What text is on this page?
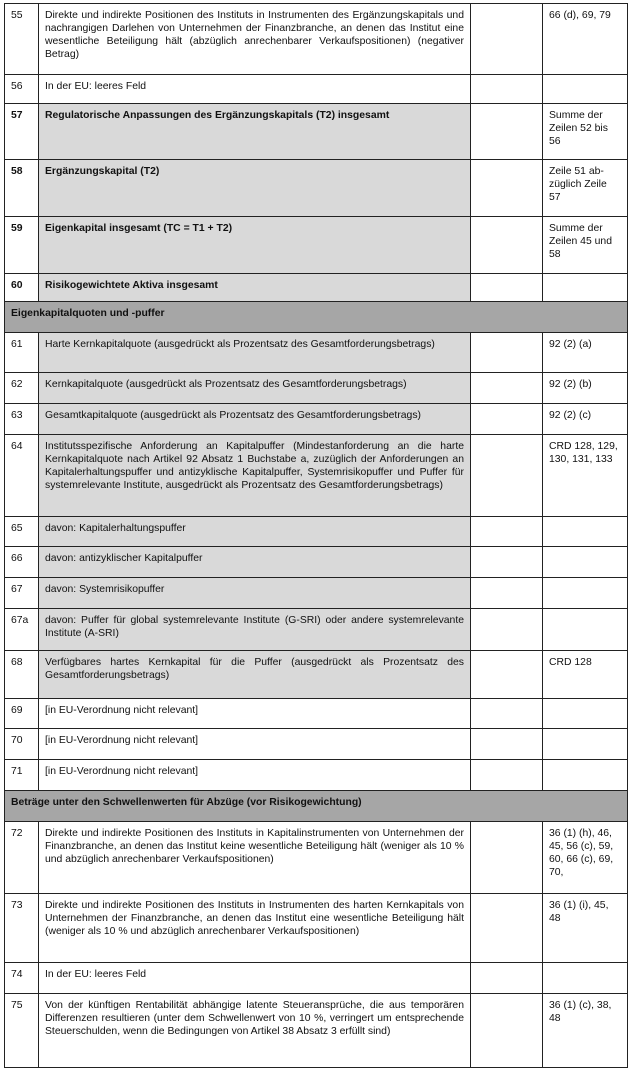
55	Direkte und indirekte Positionen des Instituts in Instrumenten des Ergänzungskapitals und nachrangigen Darlehen von Unternehmen der Finanzbranche, an denen das Institut eine wesentliche Beteiligung hält (abzüglich anrechenbarer Verkaufspositionen) (negativer Betrag)		66 (d), 69, 79
56	In der EU: leeres Feld		
57	Regulatorische Anpassungen des Ergänzungskapitals (T2) insgesamt		Summe der Zeilen 52 bis 56
58	Ergänzungskapital (T2)		Zeile 51 abzüglich Zeile 57
59	Eigenkapital insgesamt (TC = T1 + T2)		Summe der Zeilen 45 und 58
60	Risikogewichtete Aktiva insgesamt		
Eigenkapitalquoten und -puffer			
61	Harte Kernkapitalquote (ausgedrückt als Prozentsatz des Gesamtforderungsbetrags)		92 (2) (a)
62	Kernkapitalquote (ausgedrückt als Prozentsatz des Gesamtforderungsbetrags)		92 (2) (b)
63	Gesamtkapitalquote (ausgedrückt als Prozentsatz des Gesamtforderungsbetrags)		92 (2) (c)
64	Institutsspezifische Anforderung an Kapitalpuffer (Mindestanforderung an die harte Kernkapitalquote nach Artikel 92 Absatz 1 Buchstabe a, zuzüglich der Anforderungen an Kapitalerhaltungspuffer und antizyklische Kapitalpuffer, Systemrisikopuffer und Puffer für systemrelevante Institute, ausgedrückt als Prozentsatz des Gesamtforderungsbetrags)		CRD 128, 129, 130, 131, 133
65	davon: Kapitalerhaltungspuffer		
66	davon: antizyklischer Kapitalpuffer		
67	davon: Systemrisikopuffer		
67a	davon: Puffer für global systemrelevante Institute (G-SRI) oder andere systemrelevante Institute (A-SRI)		
68	Verfügbares hartes Kernkapital für die Puffer (ausgedrückt als Prozentsatz des Gesamtforderungsbetrags)		CRD 128
69	[in EU-Verordnung nicht relevant]		
70	[in EU-Verordnung nicht relevant]		
71	[in EU-Verordnung nicht relevant]		
Beträge unter den Schwellenwerten für Abzüge (vor Risikogewichtung)			
72	Direkte und indirekte Positionen des Instituts in Kapitalinstrumenten von Unternehmen der Finanzbranche, an denen das Institut keine wesentliche Beteiligung hält (weniger als 10 % und abzüglich anrechenbarer Verkaufspositionen)		36 (1) (h), 46, 45, 56 (c), 59, 60, 66 (c), 69, 70,
73	Direkte und indirekte Positionen des Instituts in Instrumenten des harten Kernkapitals von Unternehmen der Finanzbranche, an denen das Institut eine wesentliche Beteiligung hält (weniger als 10 % und abzüglich anrechenbarer Verkaufspositionen)		36 (1) (i), 45, 48
74	In der EU: leeres Feld		
75	Von der künftigen Rentabilität abhängige latente Steueransprüche, die aus temporären Differenzen resultieren (unter dem Schwellenwert von 10 %, verringert um entsprechende Steuerschulden, wenn die Bedingungen von Artikel 38 Absatz 3 erfüllt sind)		36 (1) (c), 38, 48
